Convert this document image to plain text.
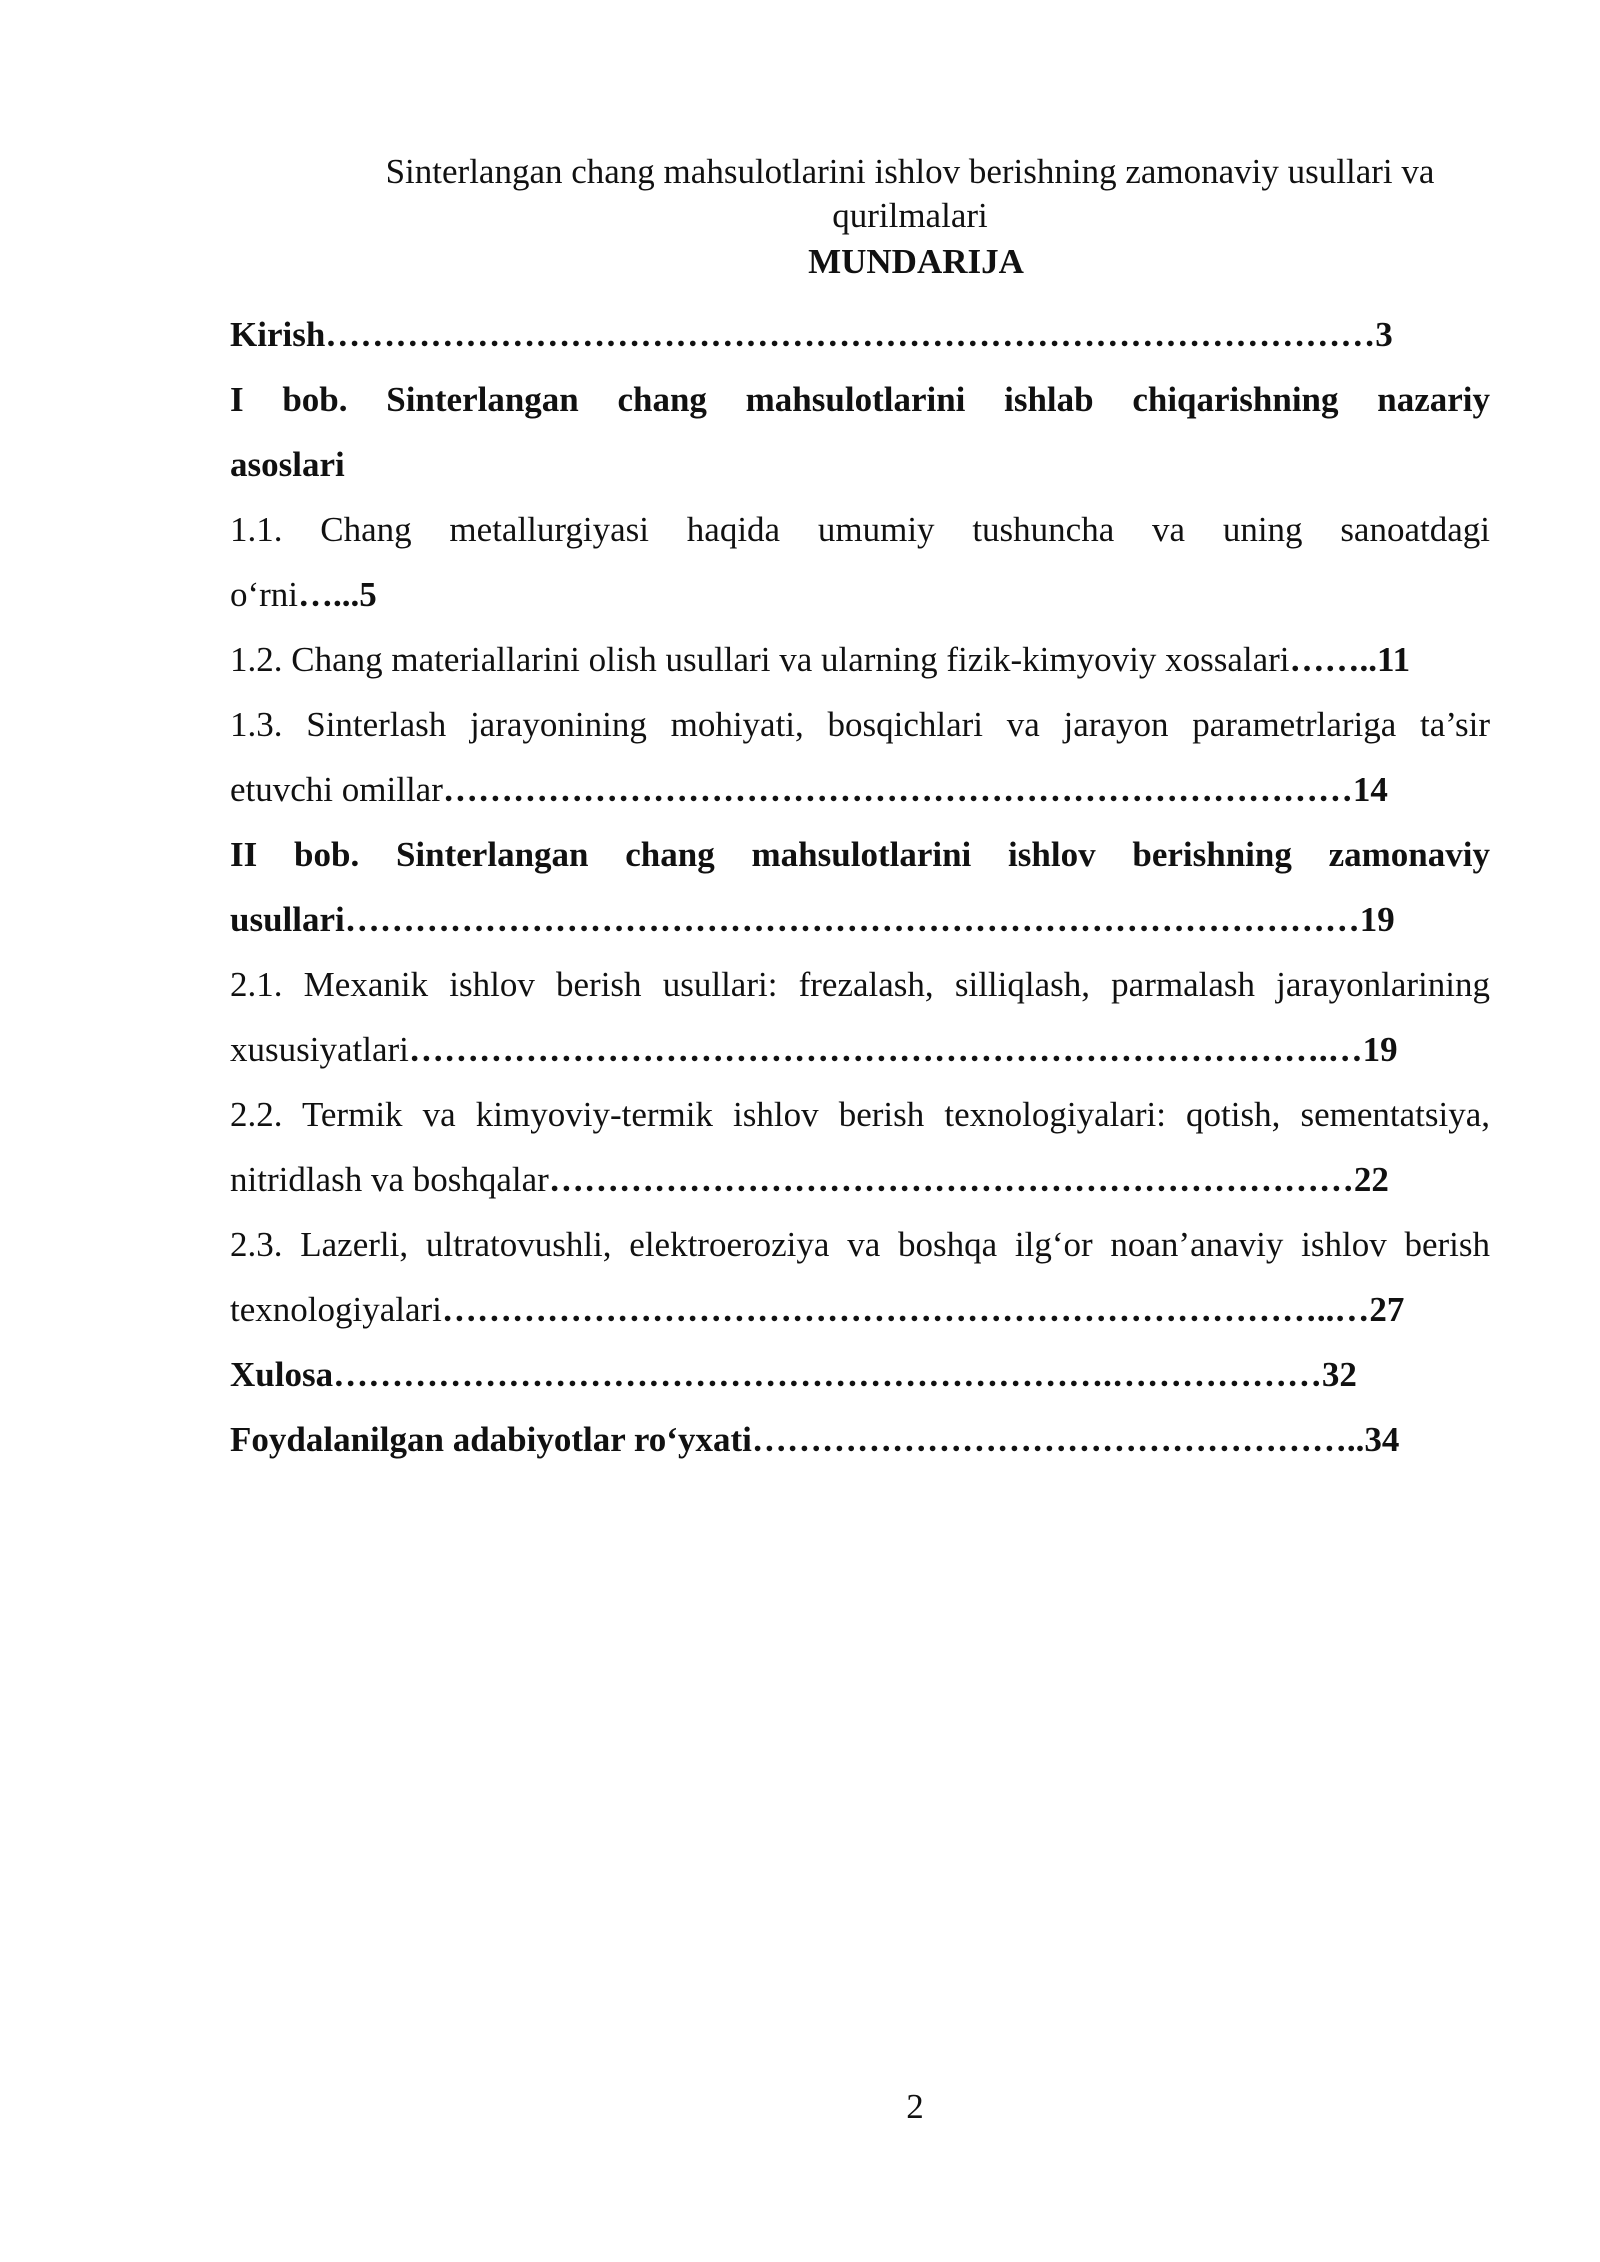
Sinterlangan chang mahsulotlarini ishlov berishning zamonaviy usullari va qurilmalari
MUNDARIJA
Kirish………………………………………………………………………………3
I bob. Sinterlangan chang mahsulotlarini ishlab chiqarishning nazariy
asoslari
1.1. Chang metallurgiyasi haqida umumiy tushuncha va uning sanoatdagi
o‘rni…...5
1.2. Chang materiallarini olish usullari va ularning fizik-kimyoviy xossalari……..11
1.3. Sinterlash jarayonining mohiyati, bosqichlari va jarayon parametrlariga ta’sir
etuvchi omillar……………………………………………………………………14
II bob. Sinterlangan chang mahsulotlarini ishlov berishning zamonaviy
usullari……………………………………………………………………………19
2.1. Mexanik ishlov berish usullari: frezalash, silliqlash, parmalash jarayonlarining
xususiyatlari…………………………………………………………………….…19
2.2. Termik va kimyoviy-termik ishlov berish texnologiyalari: qotish, sementatsiya,
nitridlash va boshqalar……………………………………………………………22
2.3. Lazerli, ultratovushli, elektroeroziya va boshqa ilg‘or noan’anaviy ishlov berish
texnologiyalari…………………………………………………………………..…27
Xulosa………………………………………………………….………………32
Foydalanilgan adabiyotlar ro‘yxati……………………………………………..34
2
